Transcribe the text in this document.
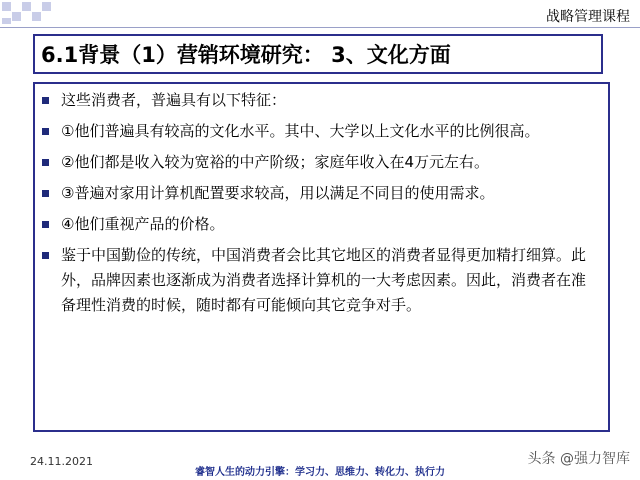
战略管理课程
6.1背景（1）营销环境研究： 3、文化方面
这些消费者，普遍具有以下特征：
①他们普遍具有较高的文化水平。其中、大学以上文化水平的比例很高。
②他们都是收入较为宽裕的中产阶级；家庭年收入在4万元左右。
③普遍对家用计算机配置要求较高，用以满足不同目的使用需求。
④他们重视产品的价格。
鉴于中国勤俭的传统，中国消费者会比其它地区的消费者显得更加精打细算。此外，品牌因素也逐渐成为消费者选择计算机的一大考虑因素。因此，消费者在准备理性消费的时候，随时都有可能倾向其它竞争对手。
24.11.2021
睿智人生的动力引擎：学习力、思维力、转化力、执行力
头条 @强力智库
